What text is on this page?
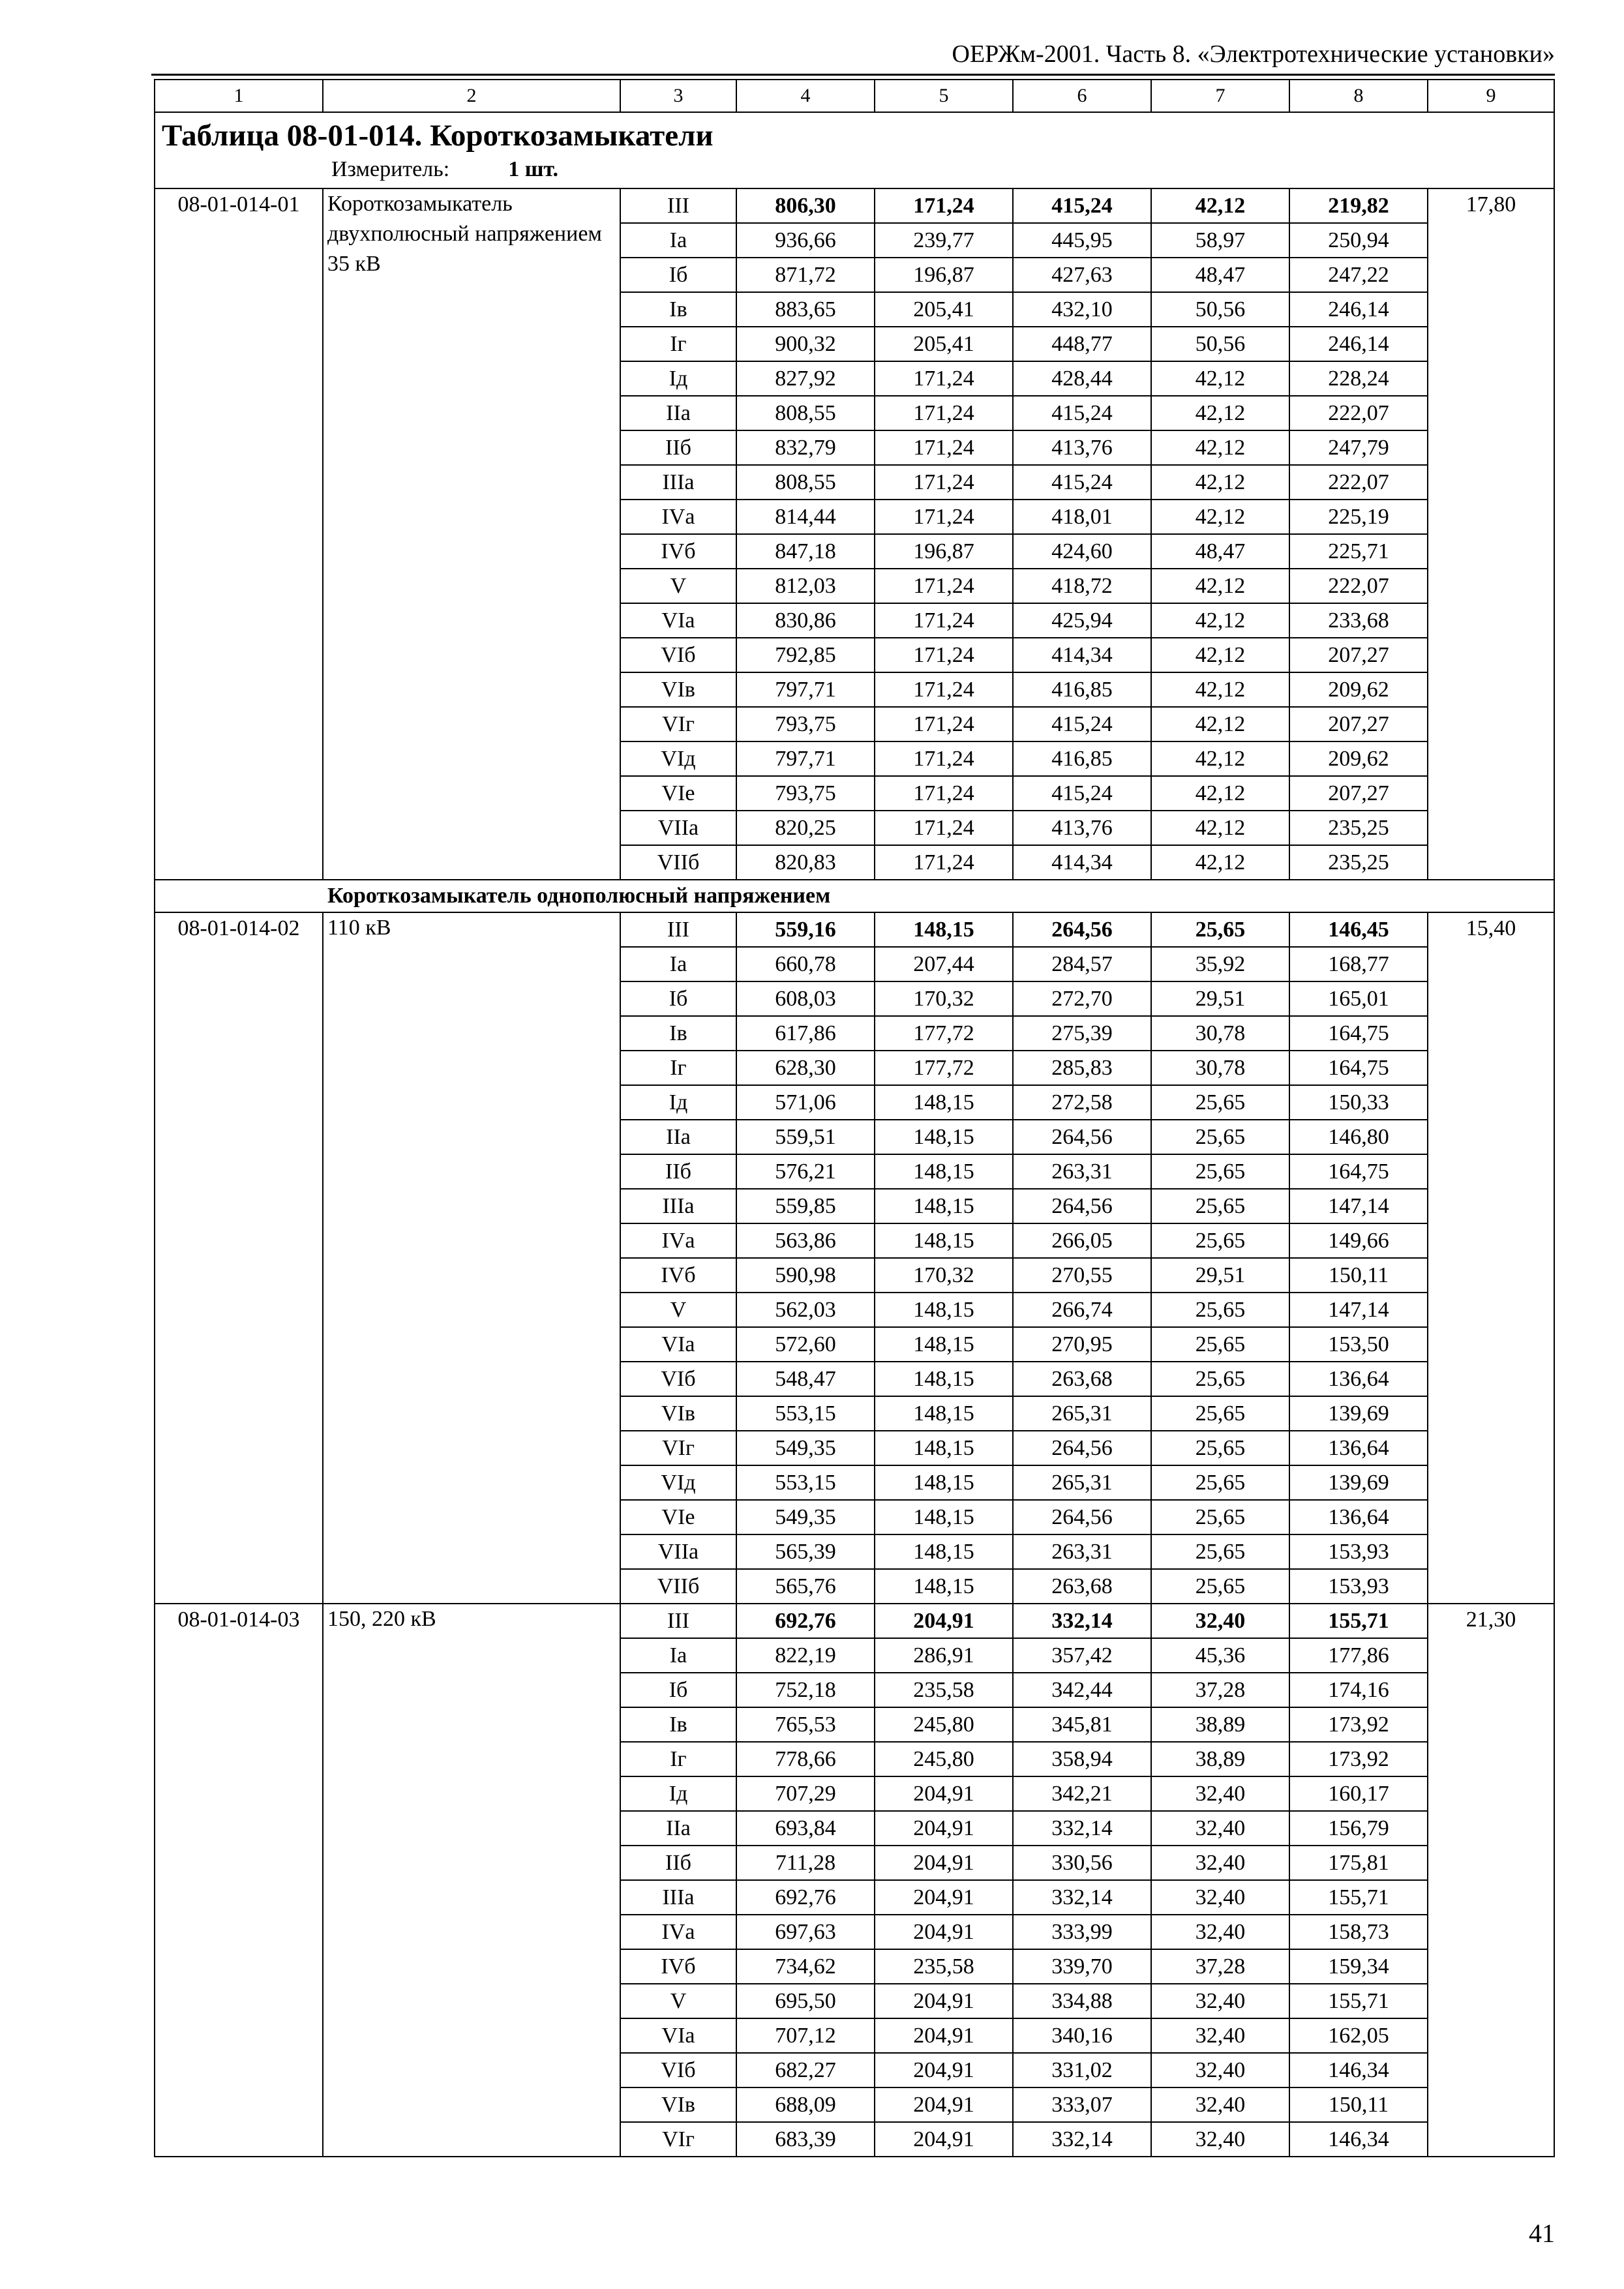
ОЕРЖм-2001. Часть 8. «Электротехнические установки»
1	2	3	4	5	6	7	8	9

Таблица 08-01-014. Короткозамыкатели
Измеритель: 1 шт.								

08-01-014-01	Короткозамыкатель двухполюсный напряжением 35 кВ	III	806,30	171,24	415,24	42,12	219,82	17,80
		Iа	936,66	239,77	445,95	58,97	250,94	
		Iб	871,72	196,87	427,63	48,47	247,22	
		Iв	883,65	205,41	432,10	50,56	246,14	
		Iг	900,32	205,41	448,77	50,56	246,14	
		Iд	827,92	171,24	428,44	42,12	228,24	
		IIа	808,55	171,24	415,24	42,12	222,07	
		IIб	832,79	171,24	413,76	42,12	247,79	
		IIIа	808,55	171,24	415,24	42,12	222,07	
		IVа	814,44	171,24	418,01	42,12	225,19	
		IVб	847,18	196,87	424,60	48,47	225,71	
		V	812,03	171,24	418,72	42,12	222,07	
		VIа	830,86	171,24	425,94	42,12	233,68	
		VIб	792,85	171,24	414,34	42,12	207,27	
		VIв	797,71	171,24	416,85	42,12	209,62	
		VIг	793,75	171,24	415,24	42,12	207,27	
		VIд	797,71	171,24	416,85	42,12	209,62	
		VIе	793,75	171,24	415,24	42,12	207,27	
		VIIа	820,25	171,24	413,76	42,12	235,25	
		VIIб	820,83	171,24	414,34	42,12	235,25	
Короткозамыкатель однополюсный напряжением								
08-01-014-02	110 кВ	III	559,16	148,15	264,56	25,65	146,45	15,40
		Iа	660,78	207,44	284,57	35,92	168,77	
		Iб	608,03	170,32	272,70	29,51	165,01	
		Iв	617,86	177,72	275,39	30,78	164,75	
		Iг	628,30	177,72	285,83	30,78	164,75	
		Iд	571,06	148,15	272,58	25,65	150,33	
		IIа	559,51	148,15	264,56	25,65	146,80	
		IIб	576,21	148,15	263,31	25,65	164,75	
		IIIа	559,85	148,15	264,56	25,65	147,14	
		IVа	563,86	148,15	266,05	25,65	149,66	
		IVб	590,98	170,32	270,55	29,51	150,11	
		V	562,03	148,15	266,74	25,65	147,14	
		VIа	572,60	148,15	270,95	25,65	153,50	
		VIб	548,47	148,15	263,68	25,65	136,64	
		VIв	553,15	148,15	265,31	25,65	139,69	
		VIг	549,35	148,15	264,56	25,65	136,64	
		VIд	553,15	148,15	265,31	25,65	139,69	
		VIе	549,35	148,15	264,56	25,65	136,64	
		VIIа	565,39	148,15	263,31	25,65	153,93	
		VIIб	565,76	148,15	263,68	25,65	153,93	
08-01-014-03	150, 220 кВ	III	692,76	204,91	332,14	32,40	155,71	21,30
		Iа	822,19	286,91	357,42	45,36	177,86	
		Iб	752,18	235,58	342,44	37,28	174,16	
		Iв	765,53	245,80	345,81	38,89	173,92	
		Iг	778,66	245,80	358,94	38,89	173,92	
		Iд	707,29	204,91	342,21	32,40	160,17	
		IIа	693,84	204,91	332,14	32,40	156,79	
		IIб	711,28	204,91	330,56	32,40	175,81	
		IIIа	692,76	204,91	332,14	32,40	155,71	
		IVа	697,63	204,91	333,99	32,40	158,73	
		IVб	734,62	235,58	339,70	37,28	159,34	
		V	695,50	204,91	334,88	32,40	155,71	
		VIа	707,12	204,91	340,16	32,40	162,05	
		VIб	682,27	204,91	331,02	32,40	146,34	
		VIв	688,09	204,91	333,07	32,40	150,11	
		VIг	683,39	204,91	332,14	32,40	146,34	
41
